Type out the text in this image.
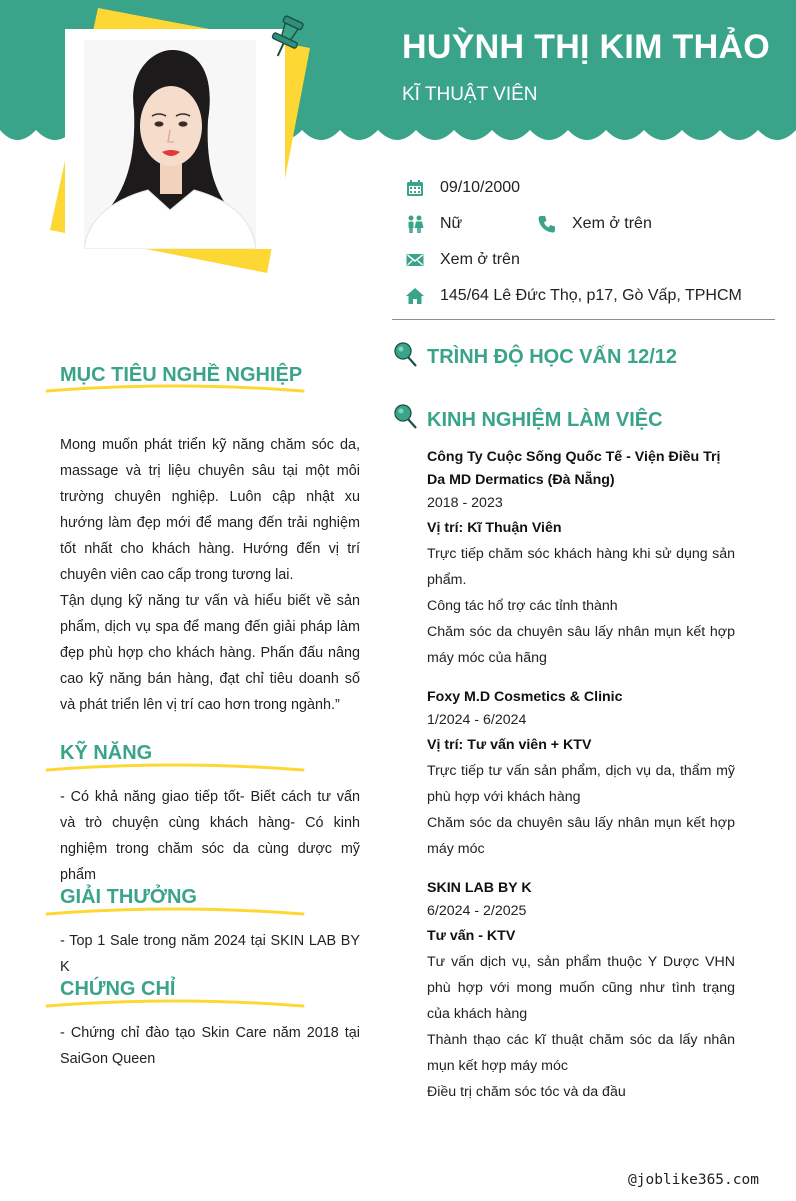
HUỲNH THỊ KIM THẢO
KĨ THUẬT VIÊN
09/10/2000
Nữ	Xem ở trên
Xem ở trên
145/64 Lê Đức Thọ, p17, Gò Vấp, TPHCM
MỤC TIÊU NGHỀ NGHIỆP

Mong muốn phát triển kỹ năng chăm sóc da, massage và trị liệu chuyên sâu tại một môi trường chuyên nghiệp. Luôn cập nhật xu hướng làm đẹp mới để mang đến trải nghiệm tốt nhất cho khách hàng. Hướng đến vị trí chuyên viên cao cấp trong tương lai.

Tận dụng kỹ năng tư vấn và hiểu biết về sản phẩm, dịch vụ spa để mang đến giải pháp làm đẹp phù hợp cho khách hàng. Phấn đấu nâng cao kỹ năng bán hàng, đạt chỉ tiêu doanh số và phát triển lên vị trí cao hơn trong ngành.”

KỸ NĂNG
- Có khả năng giao tiếp tốt- Biết cách tư vấn và trò chuyện cùng khách hàng- Có kinh nghiệm trong chăm sóc da cùng dược mỹ phẩm
GIẢI THƯỞNG
- Top 1 Sale trong năm 2024 tại SKIN LAB BY K
CHỨNG CHỈ
- Chứng chỉ đào tạo Skin Care năm 2018 tại SaiGon Queen
TRÌNH ĐỘ HỌC VẤN 12/12
KINH NGHIỆM LÀM VIỆC
Công Ty Cuộc Sống Quốc Tế - Viện Điều Trị Da MD Dermatics (Đà Nẵng)
2018 - 2023
Vị trí: Kĩ Thuận Viên
Trực tiếp chăm sóc khách hàng khi sử dụng sản phẩm.
Công tác hổ trợ các tỉnh thành
Chăm sóc da chuyên sâu lấy nhân mụn kết hợp máy móc của hãng
Foxy M.D Cosmetics & Clinic
1/2024 - 6/2024
Vị trí: Tư vấn viên + KTV
Trực tiếp tư vấn sản phẩm, dịch vụ da, thẩm mỹ phù hợp với khách hàng
Chăm sóc da chuyên sâu lấy nhân mụn kết hợp máy móc
SKIN LAB BY K
6/2024 - 2/2025
Tư vấn - KTV
Tư vấn dịch vụ, sản phẩm thuộc Y Dược VHN phù hợp với mong muốn cũng như tình trạng của khách hàng
Thành thạo các kĩ thuật chăm sóc da lấy nhân mụn kết hợp máy móc
Điều trị chăm sóc tóc và da đầu
@joblike365.com
